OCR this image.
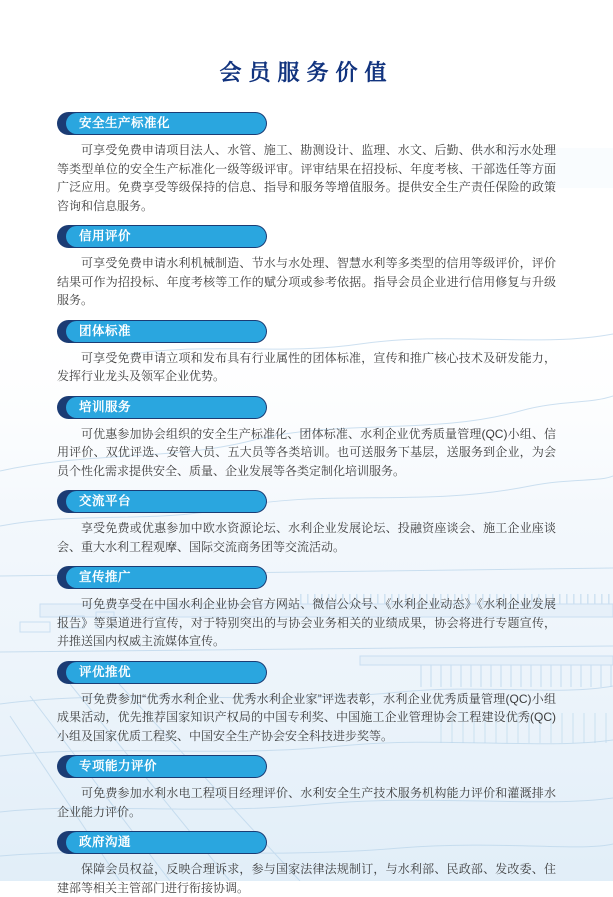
会员服务价值
安全生产标准化

可享受免费申请项目法人、水管、施工、勘测设计、监理、水文、后勤、供水和污水处理等类型单位的安全生产标准化一级等级评审。评审结果在招投标、年度考核、干部选任等方面广泛应用。免费享受等级保持的信息、指导和服务等增值服务。提供安全生产责任保险的政策咨询和信息服务。

信用评价

可享受免费申请水利机械制造、节水与水处理、智慧水利等多类型的信用等级评价，评价结果可作为招投标、年度考核等工作的赋分项或参考依据。指导会员企业进行信用修复与升级服务。

团体标准

可享受免费申请立项和发布具有行业属性的团体标准，宣传和推广核心技术及研发能力，发挥行业龙头及领军企业优势。

培训服务

可优惠参加协会组织的安全生产标准化、团体标准、水利企业优秀质量管理(QC)小组、信用评价、双优评选、安管人员、五大员等各类培训。也可送服务下基层，送服务到企业，为会员个性化需求提供安全、质量、企业发展等各类定制化培训服务。

交流平台

享受免费或优惠参加中欧水资源论坛、水利企业发展论坛、投融资座谈会、施工企业座谈会、重大水利工程观摩、国际交流商务团等交流活动。

宣传推广

可免费享受在中国水利企业协会官方网站、微信公众号、《水利企业动态》《水利企业发展报告》等渠道进行宣传，对于特别突出的与协会业务相关的业绩成果，协会将进行专题宣传，并推送国内权威主流媒体宣传。

评优推优

可免费参加“优秀水利企业、优秀水利企业家”评选表彰，水利企业优秀质量管理(QC)小组成果活动，优先推荐国家知识产权局的中国专利奖、中国施工企业管理协会工程建设优秀(QC)小组及国家优质工程奖、中国安全生产协会安全科技进步奖等。

专项能力评价

可免费参加水利水电工程项目经理评价、水利安全生产技术服务机构能力评价和灌溉排水企业能力评价。

政府沟通

保障会员权益，反映合理诉求，参与国家法律法规制订，与水利部、民政部、发改委、住建部等相关主管部门进行衔接协调。
